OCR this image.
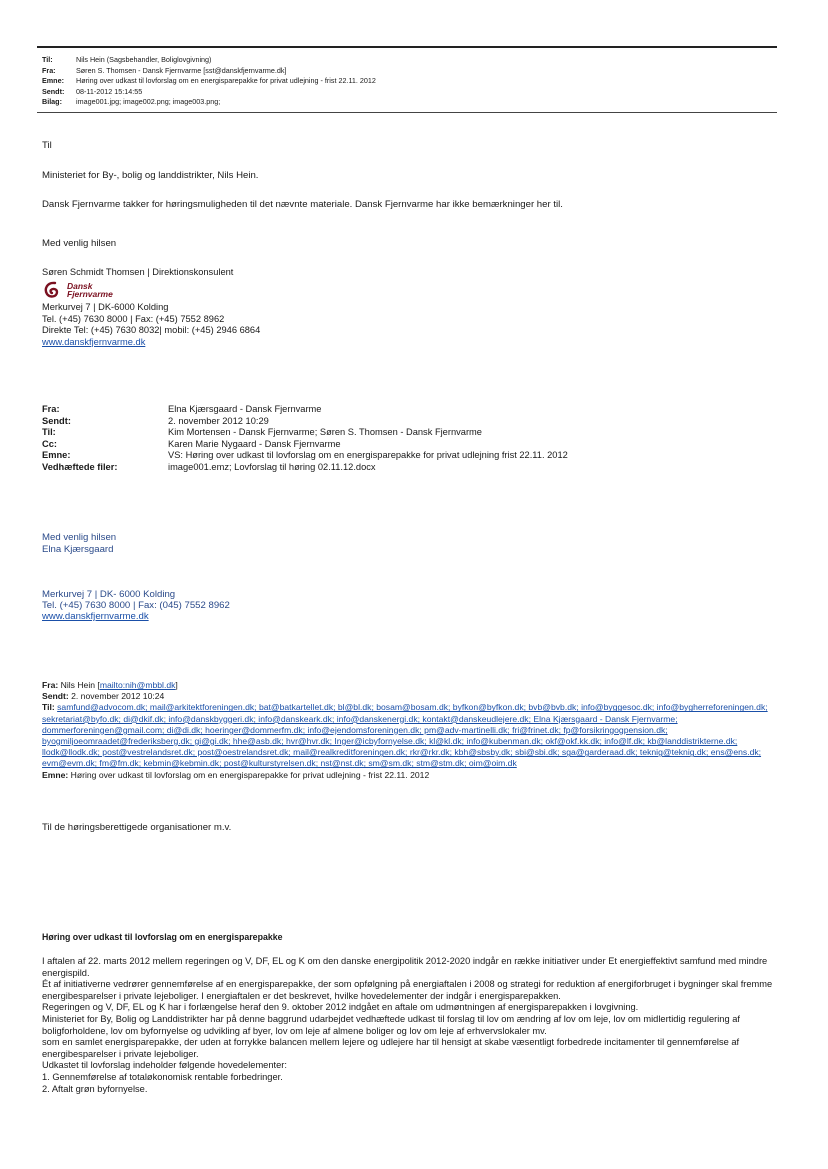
Til:	Nils Hein (Sagsbehandler, Boliglovgivning)
Fra:	Søren S. Thomsen - Dansk Fjernvarme [sst@danskfjernvarme.dk]
Emne:	Høring over udkast til lovforslag om en energisparepakke for privat udlejning - frist 22.11. 2012
Sendt:	08-11-2012 15:14:55
Bilag:	image001.jpg; image002.png; image003.png;
Til
Ministeriet for By-, bolig og landdistrikter, Nils Hein.
Dansk Fjernvarme takker for høringsmuligheden til det nævnte materiale. Dansk Fjernvarme har ikke bemærkninger her til.
Med venlig hilsen
Søren Schmidt Thomsen | Direktionskonsulent
Dansk
Fjernvarme
Merkurvej 7 | DK-6000 Kolding
Tel. (+45) 7630 8000 | Fax: (+45) 7552 8962
Direkte Tel: (+45) 7630 8032| mobil: (+45) 2946 6864
www.danskfjernvarme.dk
Fra:	Elna Kjærsgaard - Dansk Fjernvarme
Sendt:	2. november 2012 10:29
Til:	Kim Mortensen - Dansk Fjernvarme; Søren S. Thomsen - Dansk Fjernvarme
Cc:	Karen Marie Nygaard - Dansk Fjernvarme
Emne:	VS: Høring over udkast til lovforslag om en energisparepakke for privat udlejning frist 22.11. 2012
Vedhæftede filer:	image001.emz; Lovforslag til høring 02.11.12.docx
Med venlig hilsen
Elna Kjærsgaard
Merkurvej 7 | DK- 6000 Kolding
Tel. (+45) 7630 8000 | Fax: (045) 7552 8962
www.danskfjernvarme.dk
Fra: Nils Hein [mailto:nih@mbbl.dk]
Sendt: 2. november 2012 10:24
Til: samfund@advocom.dk; mail@arkitektforeningen.dk; bat@batkartellet.dk; bl@bl.dk; bosam@bosam.dk; byfkon@byfkon.dk; bvb@bvb.dk; info@byggesoc.dk; info@bygherreforeningen.dk; sekretariat@byfo.dk; di@dkif.dk; info@danskbyggeri.dk; info@danskeark.dk; info@danskenergi.dk; kontakt@danskeudlejere.dk; Elna Kjærsgaard - Dansk Fjernvarme; dommerforeningen@gmail.com; di@di.dk; hoeringer@dommerfm.dk; info@ejendomsforeningen.dk; pm@adv-martinelli.dk; fri@frinet.dk; fp@forsikringogpension.dk; byogmiljoeomraadet@frederiksberg.dk; gi@gi.dk; hhe@asb.dk; hvr@hvr.dk; Inger@icbyfornyelse.dk; kl@kl.dk; info@kubenman.dk; okf@okf.kk.dk; info@lf.dk; kb@landdistrikterne.dk; llodk@llodk.dk; post@vestrelandsret.dk; post@oestrelandsret.dk; mail@realkreditforeningen.dk; rkr@rkr.dk; kbh@sbsby.dk; sbi@sbi.dk; sga@garderaad.dk; teknig@teknig.dk; ens@ens.dk; evm@evm.dk; fm@fm.dk; kebmin@kebmin.dk; post@kulturstyrelsen.dk; nst@nst.dk; sm@sm.dk; stm@stm.dk; oim@oim.dk
Emne: Høring over udkast til lovforslag om en energisparepakke for privat udlejning - frist 22.11. 2012
Til de høringsberettigede organisationer m.v.
Høring over udkast til lovforslag om en energisparepakke
I aftalen af 22. marts 2012 mellem regeringen og V, DF, EL og K om den danske energipolitik 2012-2020 indgår en række initiativer under Et energieffektivt samfund med mindre energispild.
Ét af initiativerne vedrører gennemførelse af en energisparepakke, der som opfølgning på energiaftalen i 2008 og strategi for reduktion af energiforbruget i bygninger skal fremme energibesparelser i private lejeboliger. I energiaftalen er det beskrevet, hvilke hovedelementer der indgår i energisparepakken.
Regeringen og V, DF, EL og K har i forlængelse heraf den 9. oktober 2012 indgået en aftale om udmøntningen af energisparepakken i lovgivning.
Ministeriet for By, Bolig og Landdistrikter har på denne baggrund udarbejdet vedhæftede udkast til forslag til lov om ændring af lov om leje, lov om midlertidig regulering af boligforholdene, lov om byfornyelse og udvikling af byer, lov om leje af almene boliger og lov om leje af erhvervslokaler mv.
som en samlet energisparepakke, der uden at forrykke balancen mellem lejere og udlejere har til hensigt at skabe væsentligt forbedrede incitamenter til gennemførelse af energibesparelser i private lejeboliger.
Udkastet til lovforslag indeholder følgende hovedelementer:
1. Gennemførelse af totaløkonomisk rentable forbedringer.
2. Aftalt grøn byfornyelse.
